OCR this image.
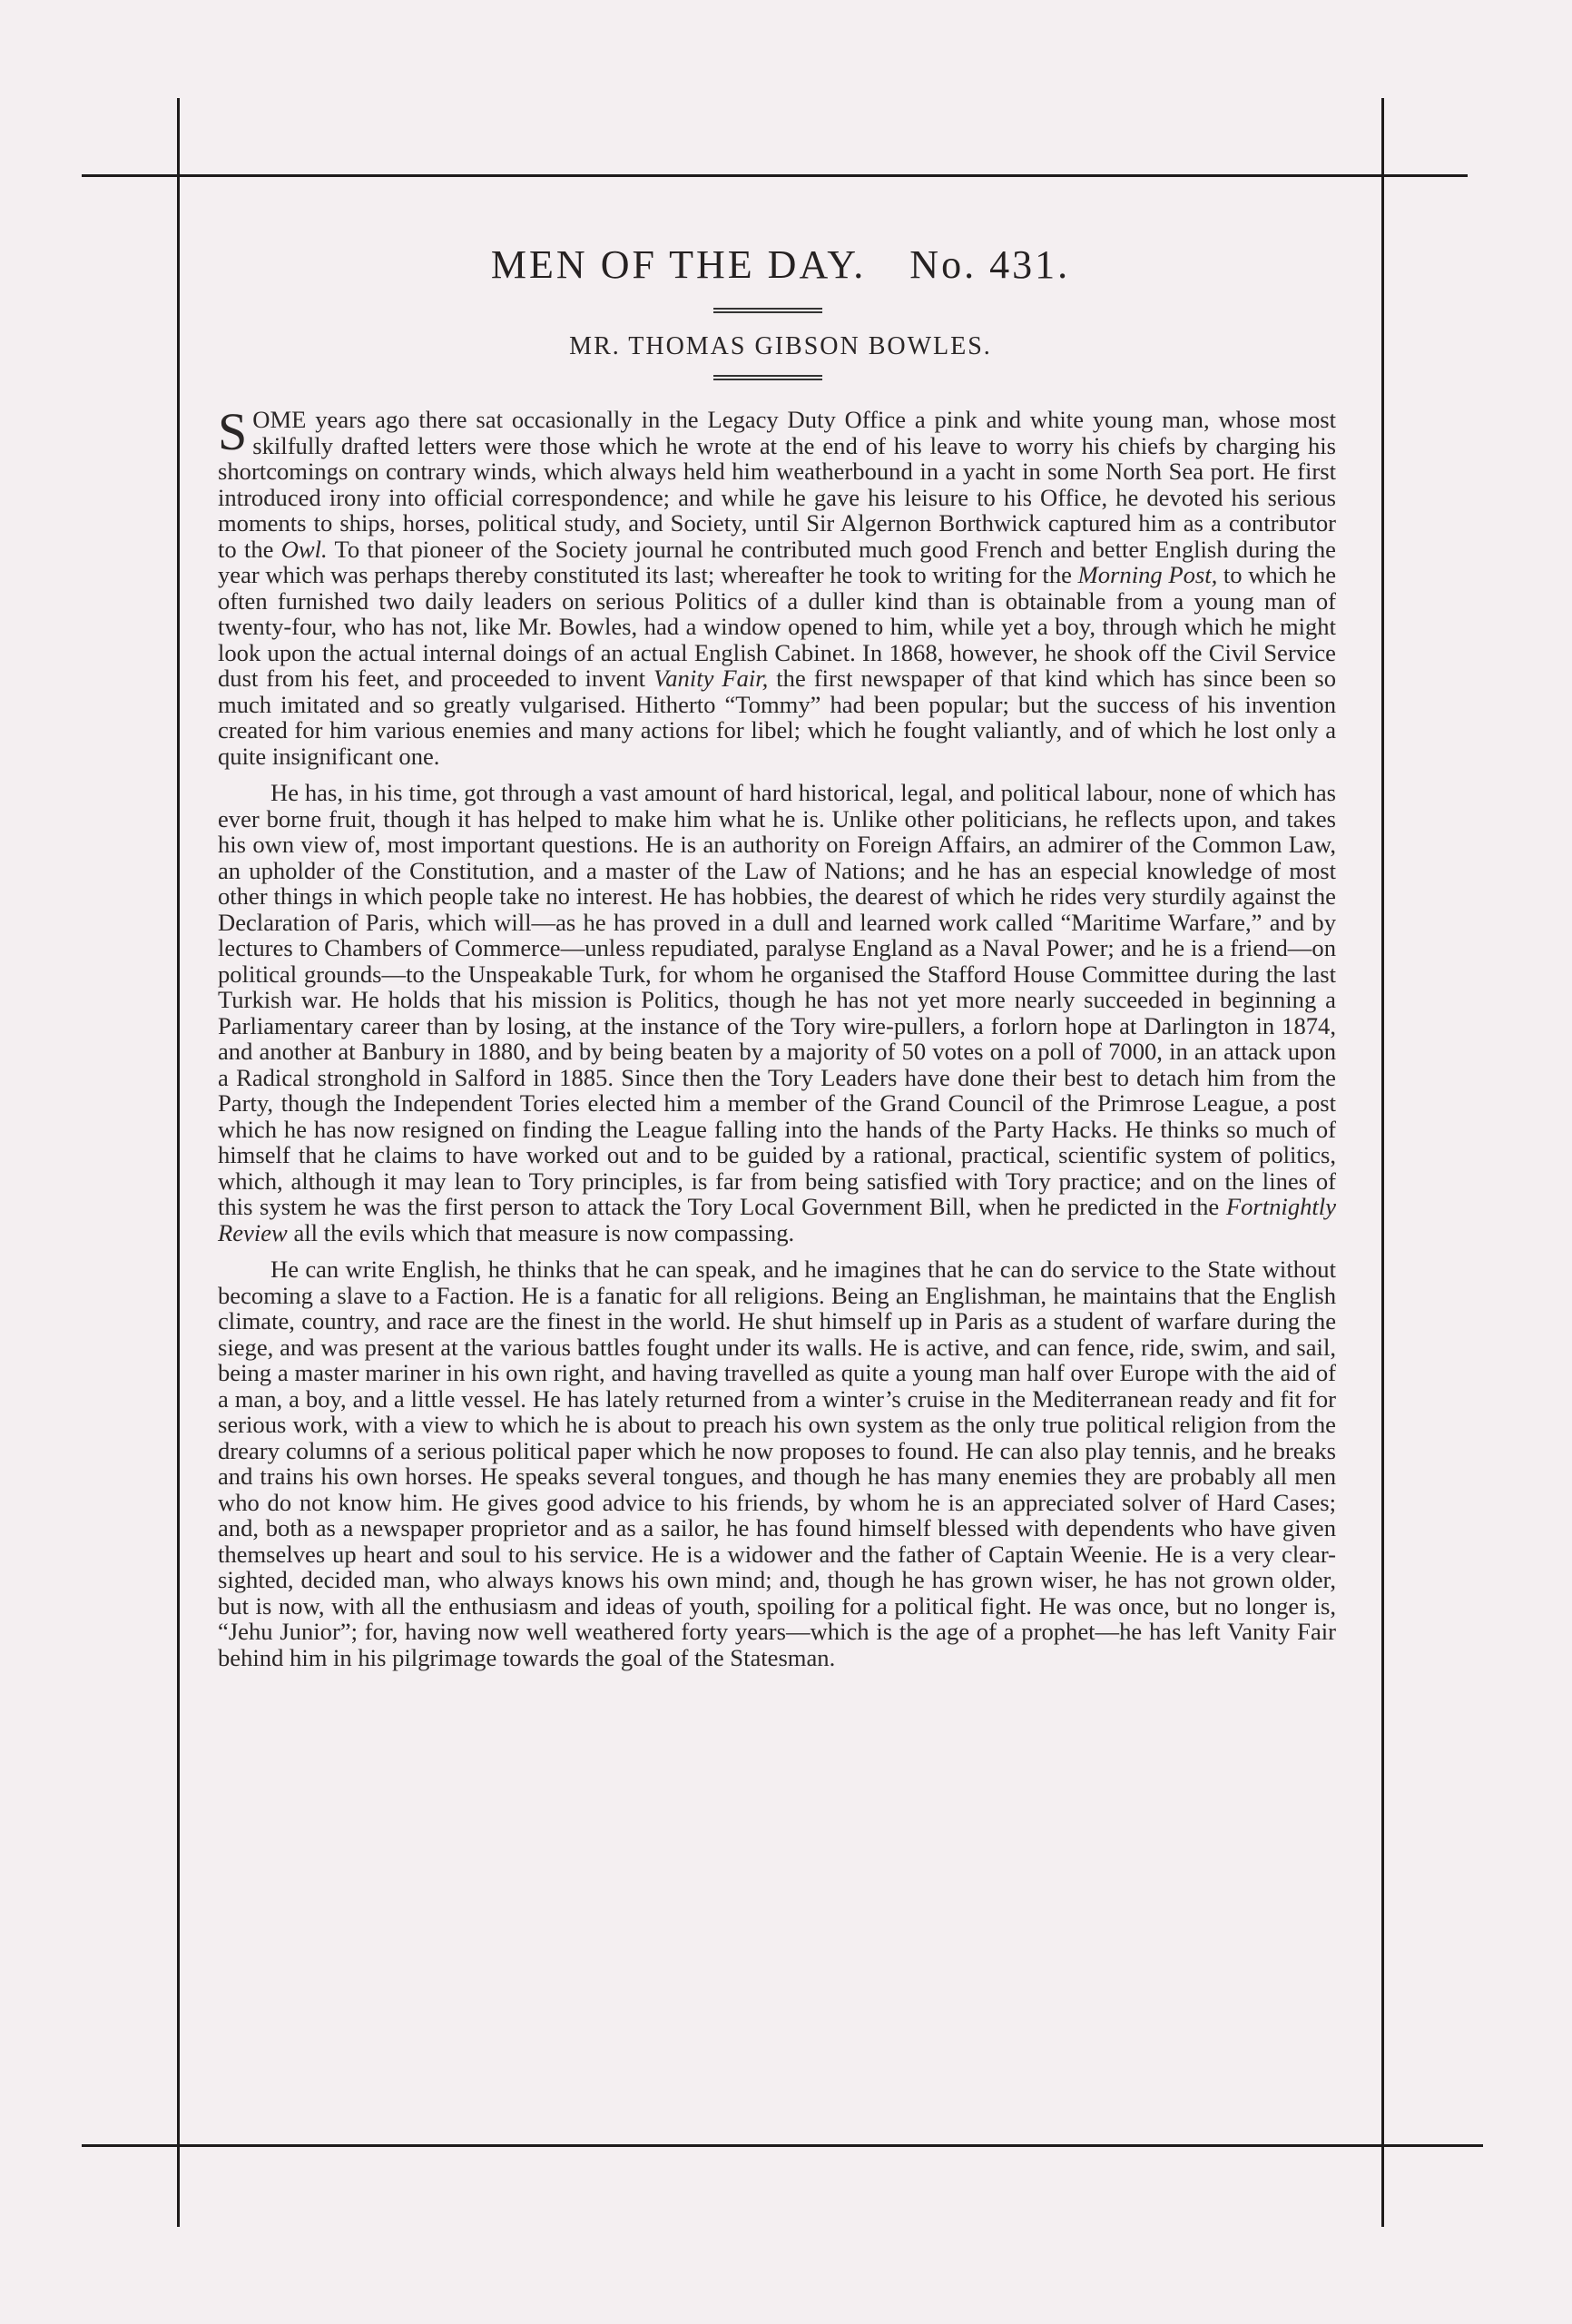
MEN OF THE DAY. No. 431.
MR. THOMAS GIBSON BOWLES.

SOME years ago there sat occasionally in the Legacy Duty Office a pink and white young man, whose most skilfully drafted letters were those which he wrote at the end of his leave to worry his chiefs by charging his shortcomings on contrary winds, which always held him weatherbound in a yacht in some North Sea port. He first introduced irony into official correspondence; and while he gave his leisure to his Office, he devoted his serious moments to ships, horses, political study, and Society, until Sir Algernon Borthwick captured him as a contributor to the Owl. To that pioneer of the Society journal he contributed much good French and better English during the year which was perhaps thereby constituted its last; whereafter he took to writing for the Morning Post, to which he often furnished two daily leaders on serious Politics of a duller kind than is obtainable from a young man of twenty-four, who has not, like Mr. Bowles, had a window opened to him, while yet a boy, through which he might look upon the actual internal doings of an actual English Cabinet. In 1868, however, he shook off the Civil Service dust from his feet, and proceeded to invent Vanity Fair, the first newspaper of that kind which has since been so much imitated and so greatly vulgarised. Hitherto “Tommy” had been popular; but the success of his invention created for him various enemies and many actions for libel; which he fought valiantly, and of which he lost only a quite insignificant one.

He has, in his time, got through a vast amount of hard historical, legal, and political labour, none of which has ever borne fruit, though it has helped to make him what he is. Unlike other politicians, he reflects upon, and takes his own view of, most important questions. He is an authority on Foreign Affairs, an admirer of the Common Law, an upholder of the Constitution, and a master of the Law of Nations; and he has an especial knowledge of most other things in which people take no interest. He has hobbies, the dearest of which he rides very sturdily against the Declaration of Paris, which will—as he has proved in a dull and learned work called “Maritime Warfare,” and by lectures to Chambers of Commerce—unless repudiated, paralyse England as a Naval Power; and he is a friend—on political grounds—to the Unspeakable Turk, for whom he organised the Stafford House Committee during the last Turkish war. He holds that his mission is Politics, though he has not yet more nearly succeeded in beginning a Parliamentary career than by losing, at the instance of the Tory wire-pullers, a forlorn hope at Darlington in 1874, and another at Banbury in 1880, and by being beaten by a majority of 50 votes on a poll of 7000, in an attack upon a Radical stronghold in Salford in 1885. Since then the Tory Leaders have done their best to detach him from the Party, though the Independent Tories elected him a member of the Grand Council of the Primrose League, a post which he has now resigned on finding the League falling into the hands of the Party Hacks. He thinks so much of himself that he claims to have worked out and to be guided by a rational, practical, scientific system of politics, which, although it may lean to Tory principles, is far from being satisfied with Tory practice; and on the lines of this system he was the first person to attack the Tory Local Government Bill, when he predicted in the Fortnightly Review all the evils which that measure is now compassing.

He can write English, he thinks that he can speak, and he imagines that he can do service to the State without becoming a slave to a Faction. He is a fanatic for all religions. Being an Englishman, he maintains that the English climate, country, and race are the finest in the world. He shut himself up in Paris as a student of warfare during the siege, and was present at the various battles fought under its walls. He is active, and can fence, ride, swim, and sail, being a master mariner in his own right, and having travelled as quite a young man half over Europe with the aid of a man, a boy, and a little vessel. He has lately returned from a winter’s cruise in the Mediterranean ready and fit for serious work, with a view to which he is about to preach his own system as the only true political religion from the dreary columns of a serious political paper which he now proposes to found. He can also play tennis, and he breaks and trains his own horses. He speaks several tongues, and though he has many enemies they are probably all men who do not know him. He gives good advice to his friends, by whom he is an appreciated solver of Hard Cases; and, both as a newspaper proprietor and as a sailor, he has found himself blessed with dependents who have given themselves up heart and soul to his service. He is a widower and the father of Captain Weenie. He is a very clear-sighted, decided man, who always knows his own mind; and, though he has grown wiser, he has not grown older, but is now, with all the enthusiasm and ideas of youth, spoiling for a political fight. He was once, but no longer is, “Jehu Junior”; for, having now well weathered forty years—which is the age of a prophet—he has left Vanity Fair behind him in his pilgrimage towards the goal of the Statesman.
